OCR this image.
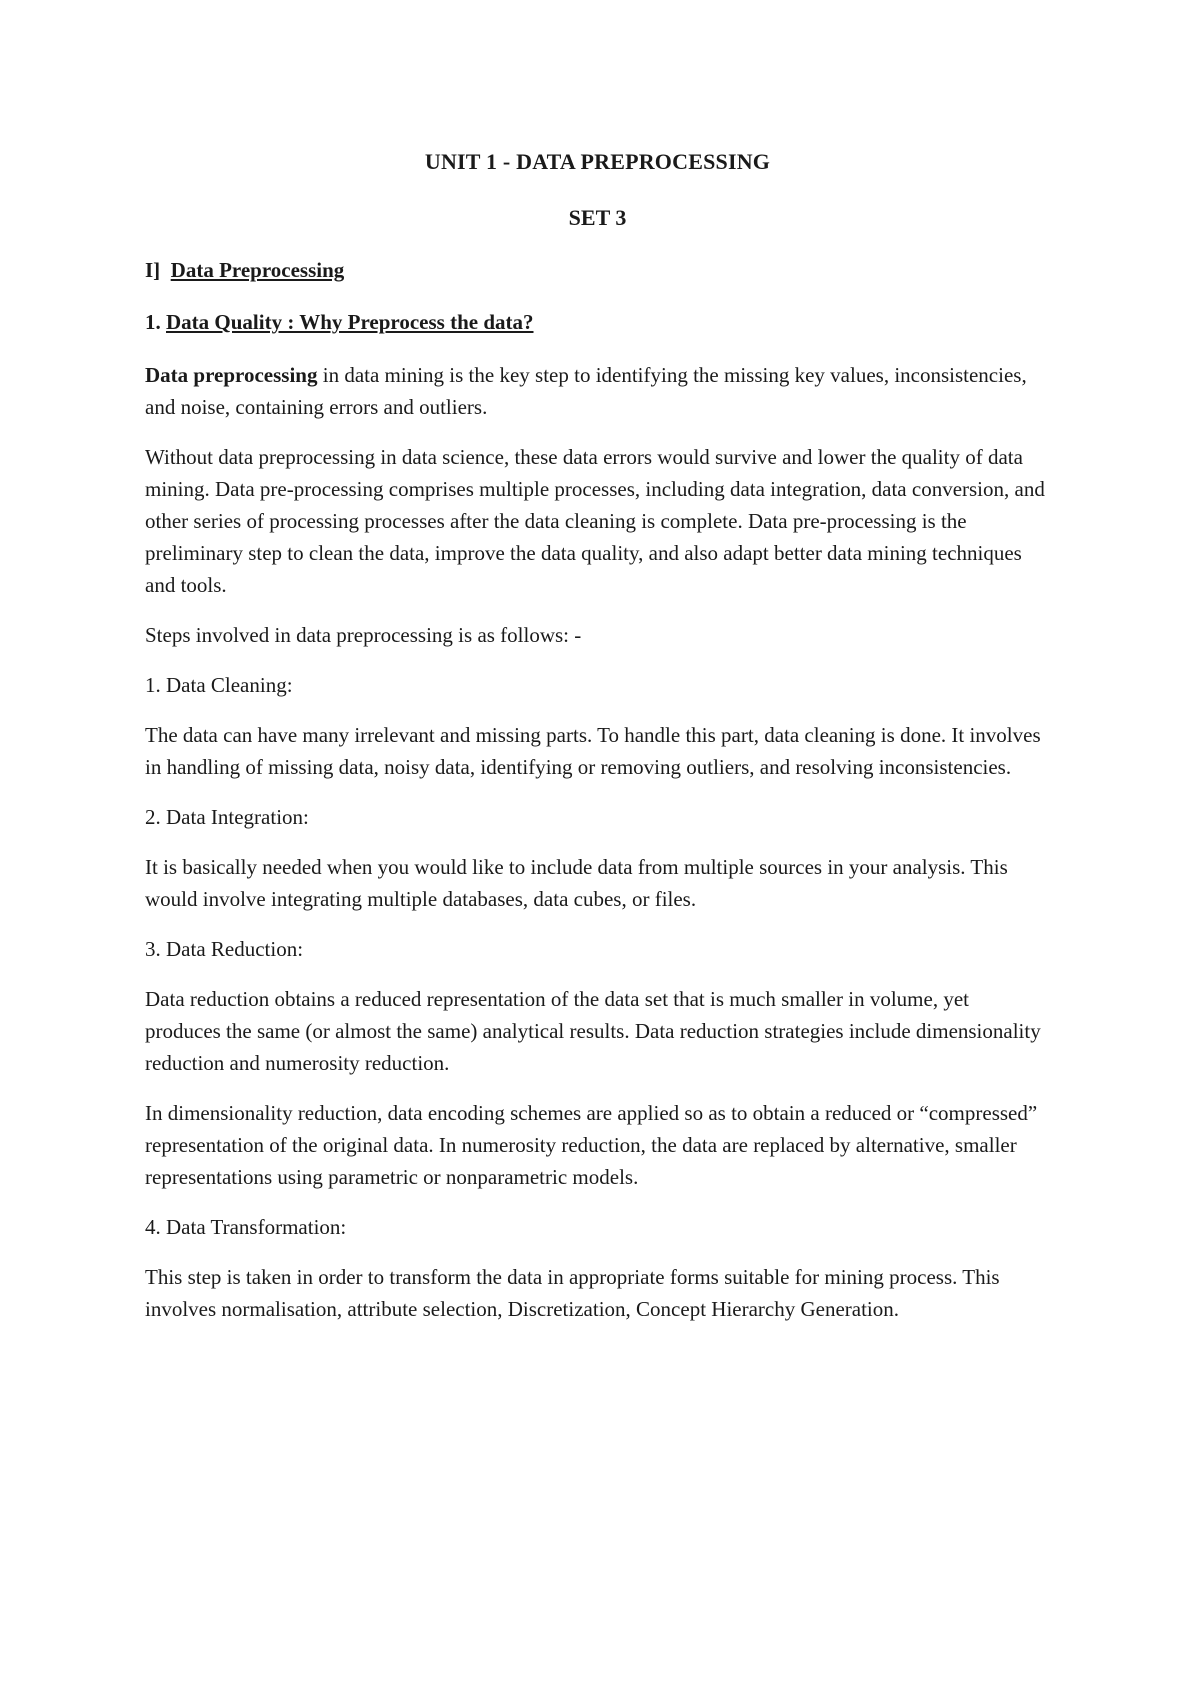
UNIT 1 - DATA PREPROCESSING
SET 3
I] Data Preprocessing
1. Data Quality : Why Preprocess the data?

Data preprocessing in data mining is the key step to identifying the missing key values, inconsistencies, and noise, containing errors and outliers.

Without data preprocessing in data science, these data errors would survive and lower the quality of data mining. Data pre-processing comprises multiple processes, including data integration, data conversion, and other series of processing processes after the data cleaning is complete. Data pre-processing is the preliminary step to clean the data, improve the data quality, and also adapt better data mining techniques and tools.

Steps involved in data preprocessing is as follows: -

1. Data Cleaning:

The data can have many irrelevant and missing parts. To handle this part, data cleaning is done. It involves in handling of missing data, noisy data, identifying or removing outliers, and resolving inconsistencies.

2. Data Integration:

It is basically needed when you would like to include data from multiple sources in your analysis. This would involve integrating multiple databases, data cubes, or files.

3. Data Reduction:

Data reduction obtains a reduced representation of the data set that is much smaller in volume, yet produces the same (or almost the same) analytical results. Data reduction strategies include dimensionality reduction and numerosity reduction.

In dimensionality reduction, data encoding schemes are applied so as to obtain a reduced or “compressed” representation of the original data. In numerosity reduction, the data are replaced by alternative, smaller representations using parametric or nonparametric models.

4. Data Transformation:

This step is taken in order to transform the data in appropriate forms suitable for mining process. This involves normalisation, attribute selection, Discretization, Concept Hierarchy Generation.
